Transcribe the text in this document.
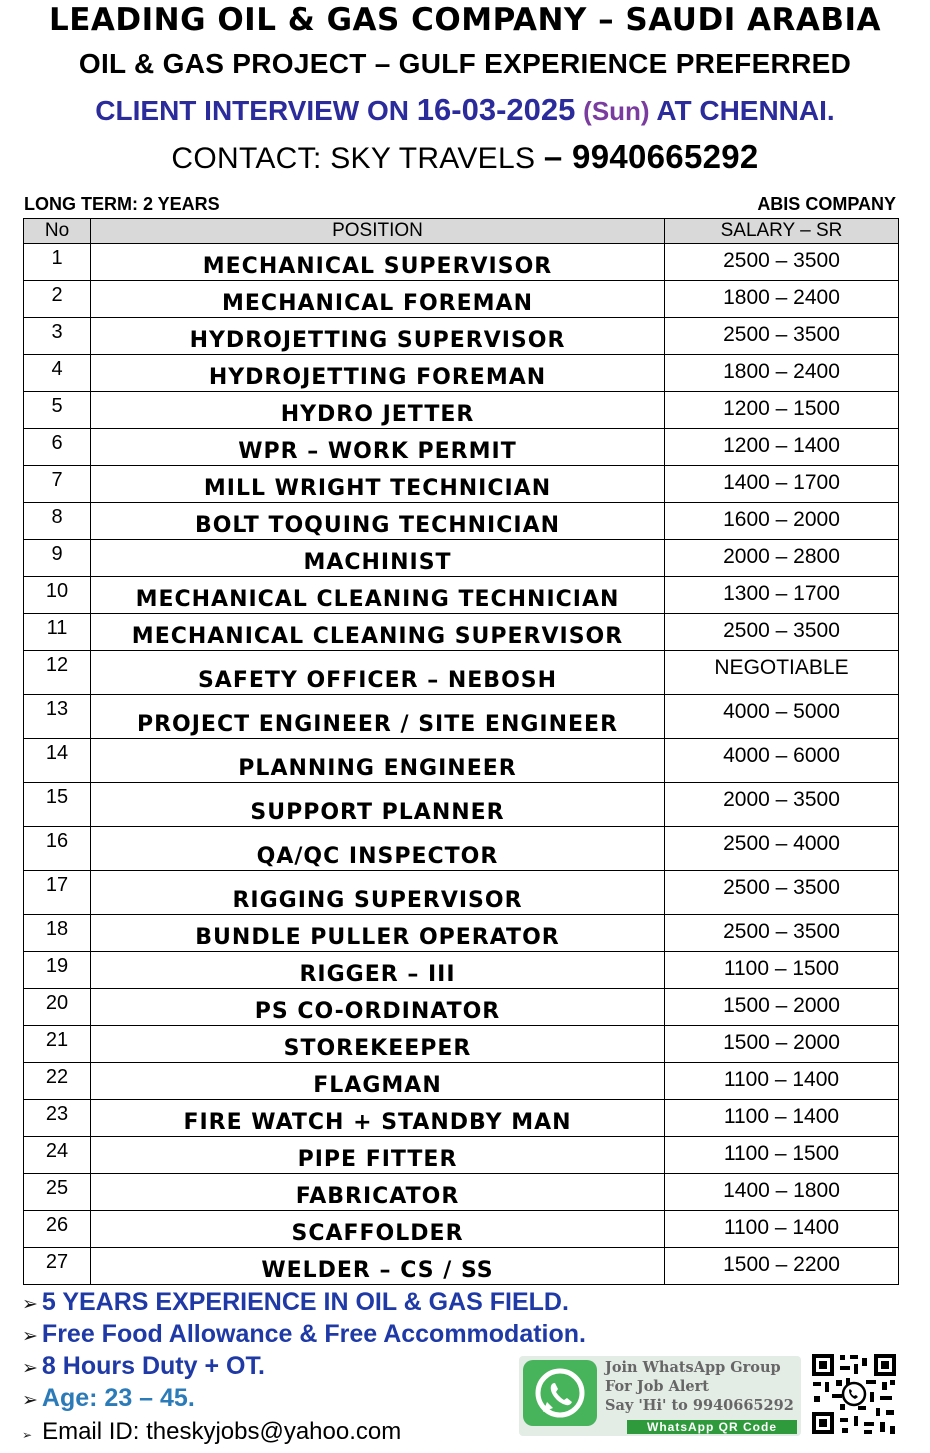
LEADING OIL & GAS COMPANY – SAUDI ARABIA
OIL & GAS PROJECT – GULF EXPERIENCE PREFERRED
CLIENT INTERVIEW ON 16-03-2025 (Sun) AT CHENNAI.
CONTACT: SKY TRAVELS – 9940665292
LONG TERM: 2 YEARS	ABIS COMPANY
No	POSITION	SALARY – SR
1	MECHANICAL SUPERVISOR	2500 – 3500
2	MECHANICAL FOREMAN	1800 – 2400
3	HYDROJETTING SUPERVISOR	2500 – 3500
4	HYDROJETTING FOREMAN	1800 – 2400
5	HYDRO JETTER	1200 – 1500
6	WPR – WORK PERMIT	1200 – 1400
7	MILL WRIGHT TECHNICIAN	1400 – 1700
8	BOLT TOQUING TECHNICIAN	1600 – 2000
9	MACHINIST	2000 – 2800
10	MECHANICAL CLEANING TECHNICIAN	1300 – 1700
11	MECHANICAL CLEANING SUPERVISOR	2500 – 3500
12	SAFETY OFFICER – NEBOSH	NEGOTIABLE
13	PROJECT ENGINEER / SITE ENGINEER	4000 – 5000
14	PLANNING ENGINEER	4000 – 6000
15	SUPPORT PLANNER	2000 – 3500
16	QA/QC INSPECTOR	2500 – 4000
17	RIGGING SUPERVISOR	2500 – 3500
18	BUNDLE PULLER OPERATOR	2500 – 3500
19	RIGGER – III	1100 – 1500
20	PS CO-ORDINATOR	1500 – 2000
21	STOREKEEPER	1500 – 2000
22	FLAGMAN	1100 – 1400
23	FIRE WATCH + STANDBY MAN	1100 – 1400
24	PIPE FITTER	1100 – 1500
25	FABRICATOR	1400 – 1800
26	SCAFFOLDER	1100 – 1400
27	WELDER – CS / SS	1500 – 2200
➢ 5 YEARS EXPERIENCE IN OIL & GAS FIELD.
➢ Free Food Allowance & Free Accommodation.
➢ 8 Hours Duty + OT.
➢ Age: 23 – 45.
➢ Email ID: theskyjobs@yahoo.com
Join WhatsApp Group
For Job Alert
Say 'Hi' to 9940665292
WhatsApp QR Code
